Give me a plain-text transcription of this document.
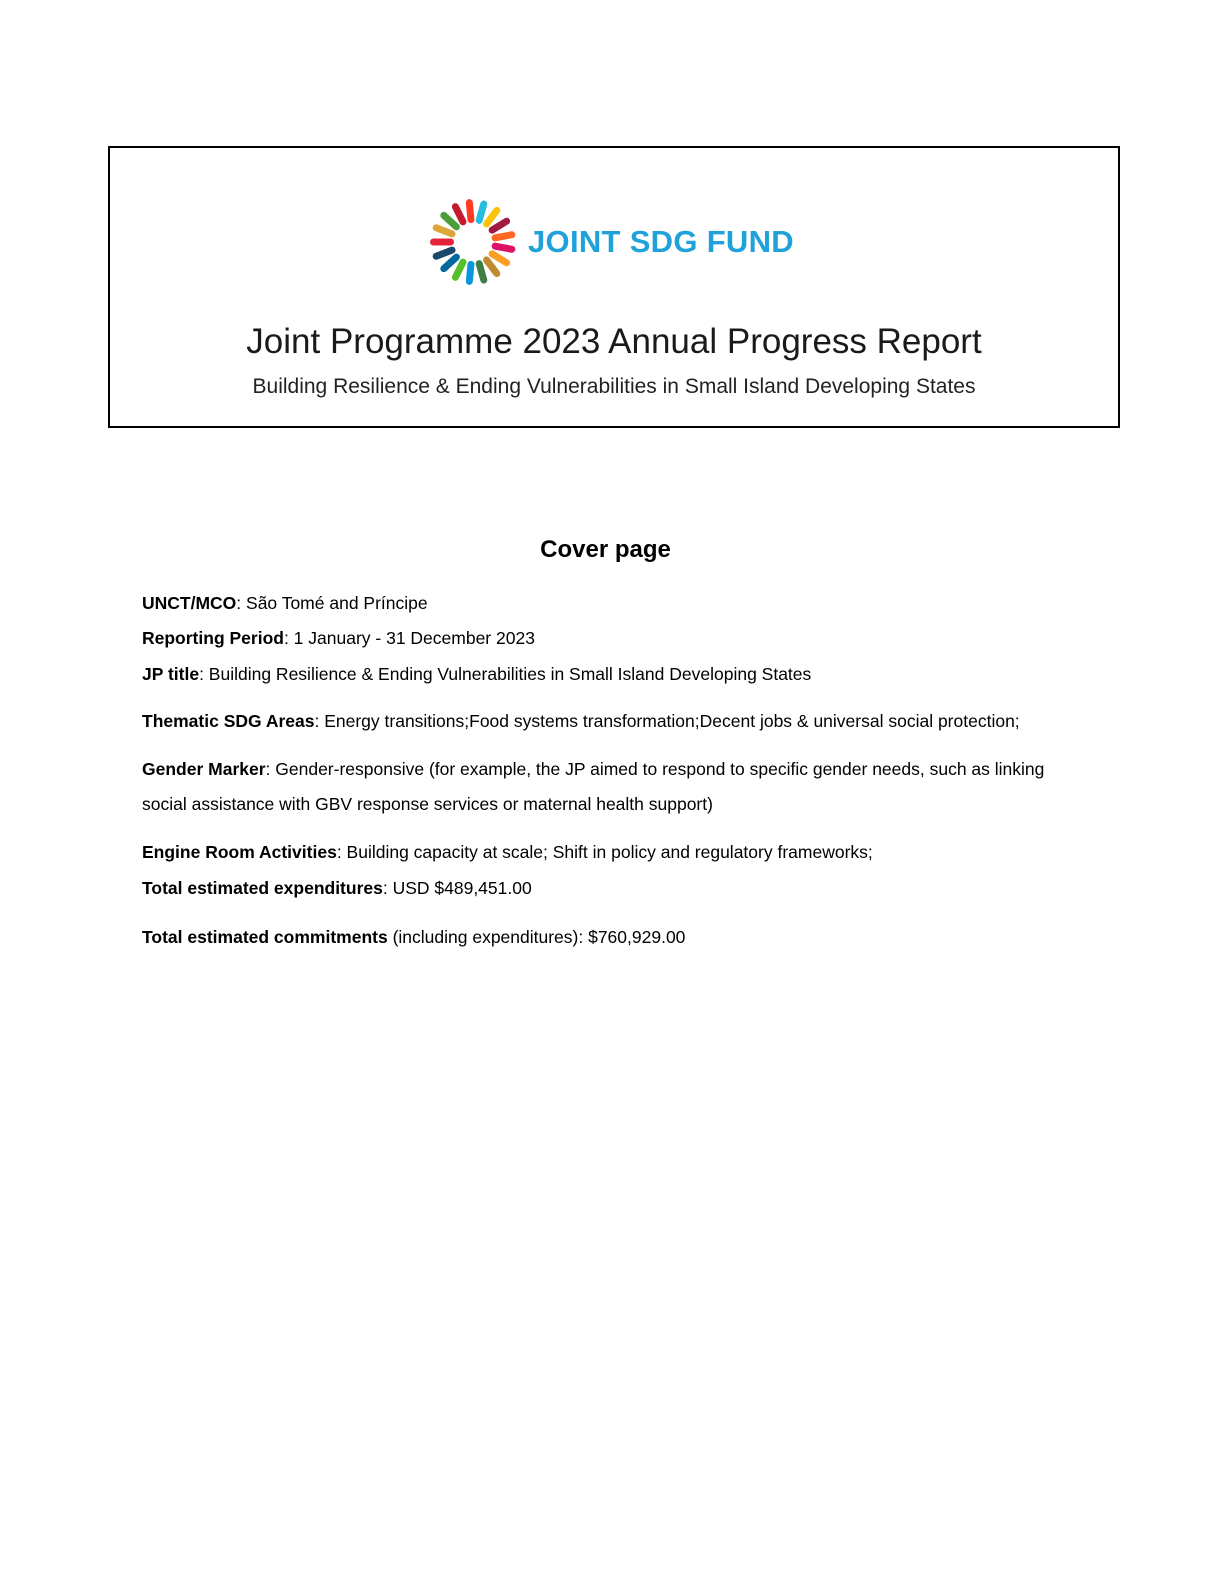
JOINT SDG FUND
Joint Programme 2023 Annual Progress Report
Building Resilience & Ending Vulnerabilities in Small Island Developing States
Cover page
UNCT/MCO: São Tomé and Príncipe
Reporting Period: 1 January - 31 December 2023
JP title: Building Resilience & Ending Vulnerabilities in Small Island Developing States
Thematic SDG Areas: Energy transitions;Food systems transformation;Decent jobs & universal social protection;
Gender Marker: Gender-responsive (for example, the JP aimed to respond to specific gender needs, such as linking social assistance with GBV response services or maternal health support)
Engine Room Activities: Building capacity at scale; Shift in policy and regulatory frameworks;
Total estimated expenditures: USD $489,451.00
Total estimated commitments (including expenditures): $760,929.00
